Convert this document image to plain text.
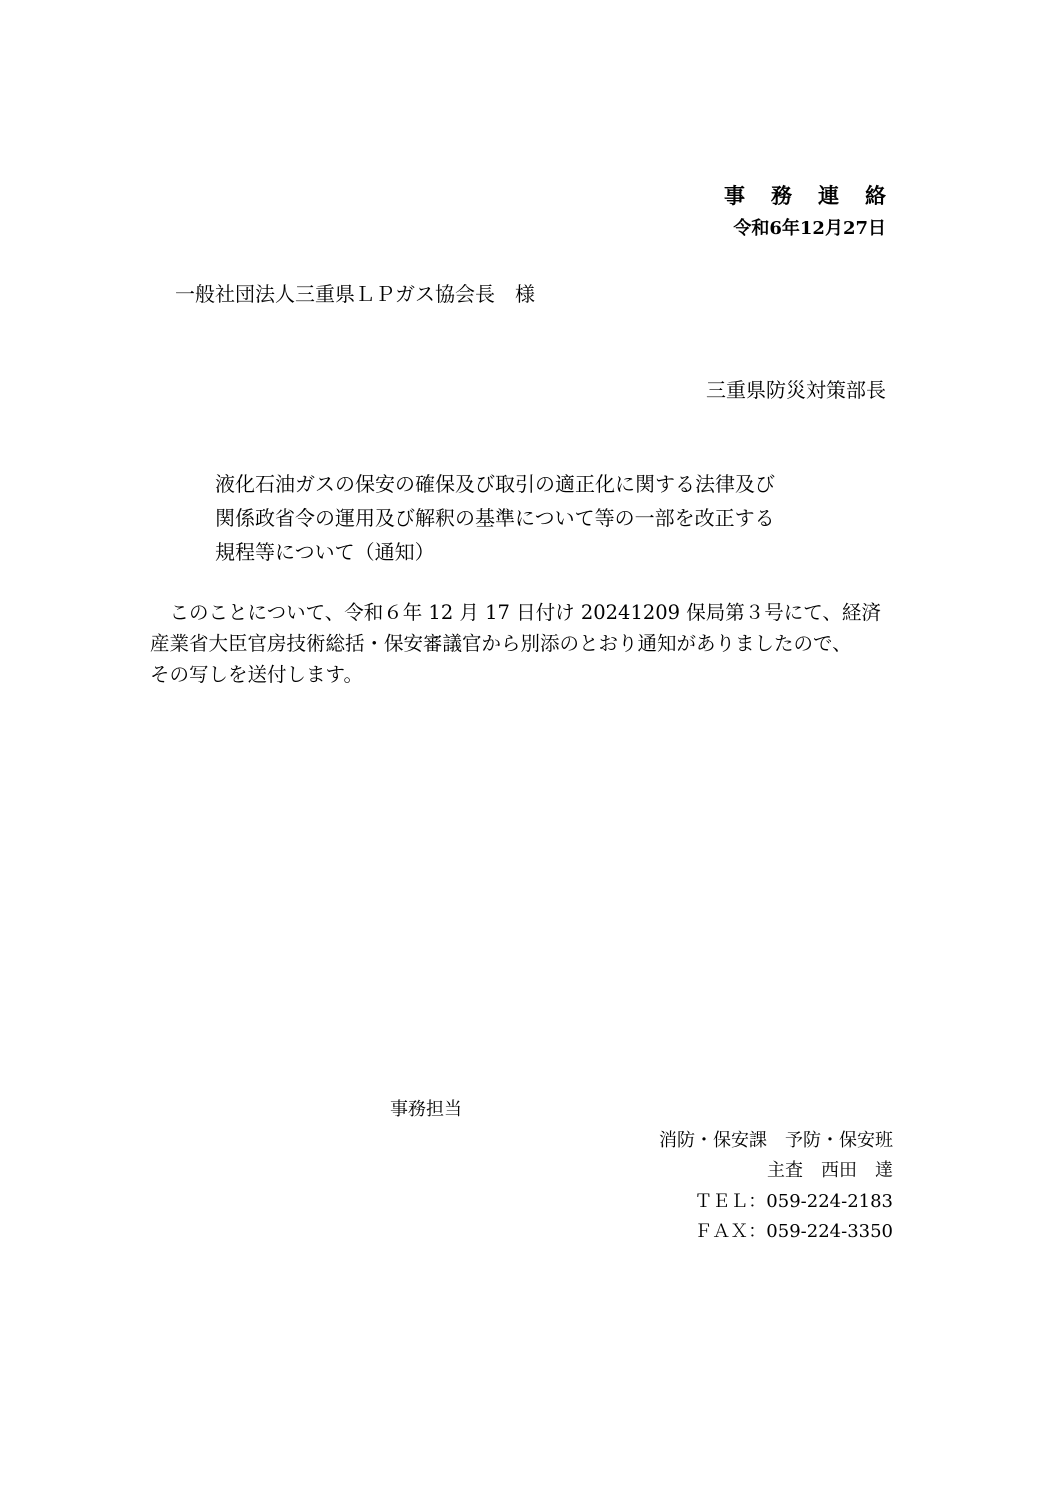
事務連絡
令和6年12月27日
一般社団法人三重県ＬＰガス協会長　様
三重県防災対策部長
液化石油ガスの保安の確保及び取引の適正化に関する法律及び
関係政省令の運用及び解釈の基準について等の一部を改正する
規程等について（通知）
　このことについて、令和６年 12 月 17 日付け 20241209 保局第３号にて、経済
産業省大臣官房技術総括・保安審議官から別添のとおり通知がありましたので、
その写しを送付します。
事務担当
消防・保安課　予防・保安班
主査　西田　達
ＴＥＬ：059-224-2183
ＦＡＸ：059-224-3350
